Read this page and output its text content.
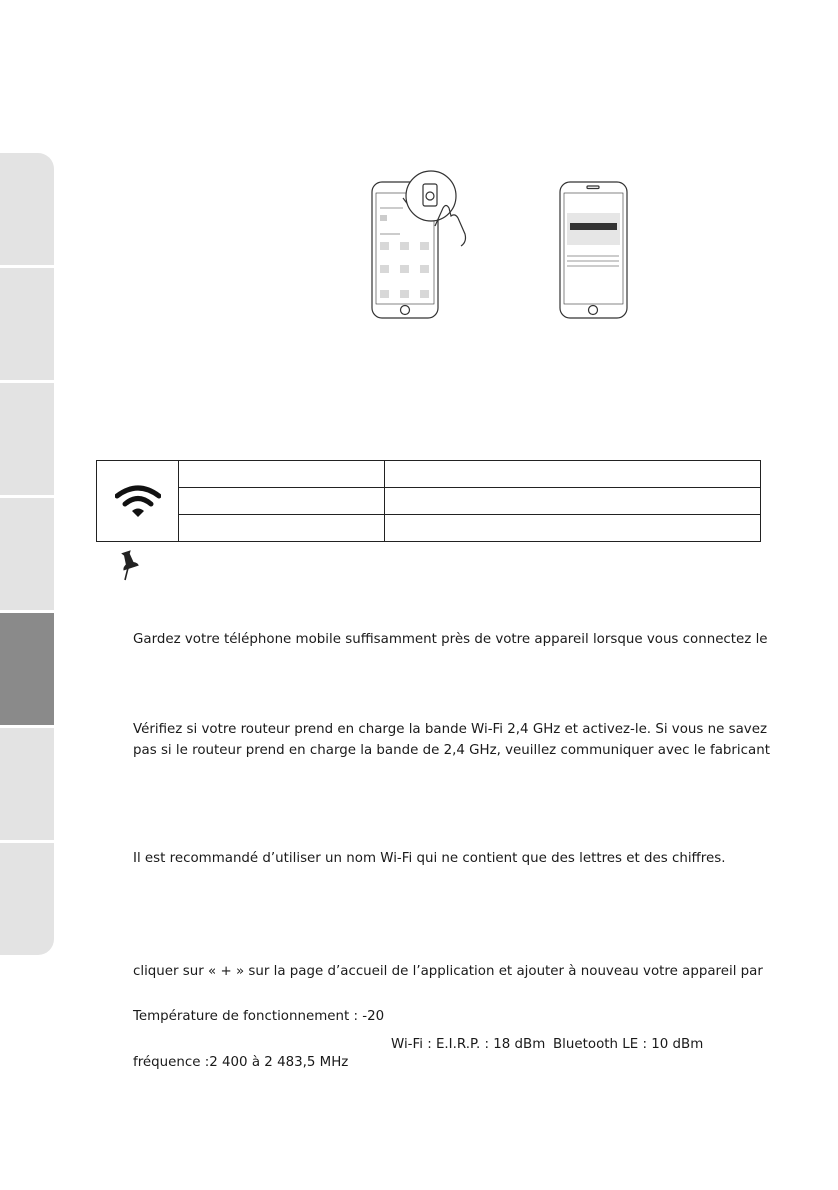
Gardez votre téléphone mobile suffisamment près de votre appareil lorsque vous connectez le

Vérifiez si votre routeur prend en charge la bande Wi-Fi 2,4 GHz et activez-le. Si vous ne savez

pas si le routeur prend en charge la bande de 2,4 GHz, veuillez communiquer avec le fabricant

Il est recommandé d’utiliser un nom Wi-Fi qui ne contient que des lettres et des chiffres.

cliquer sur « + » sur la page d’accueil de l’application et ajouter à nouveau votre appareil par

Température de fonctionnement : -20

Wi-Fi : E.I.R.P. : 18 dBm Bluetooth LE : 10 dBm

fréquence :2 400 à 2 483,5 MHz
